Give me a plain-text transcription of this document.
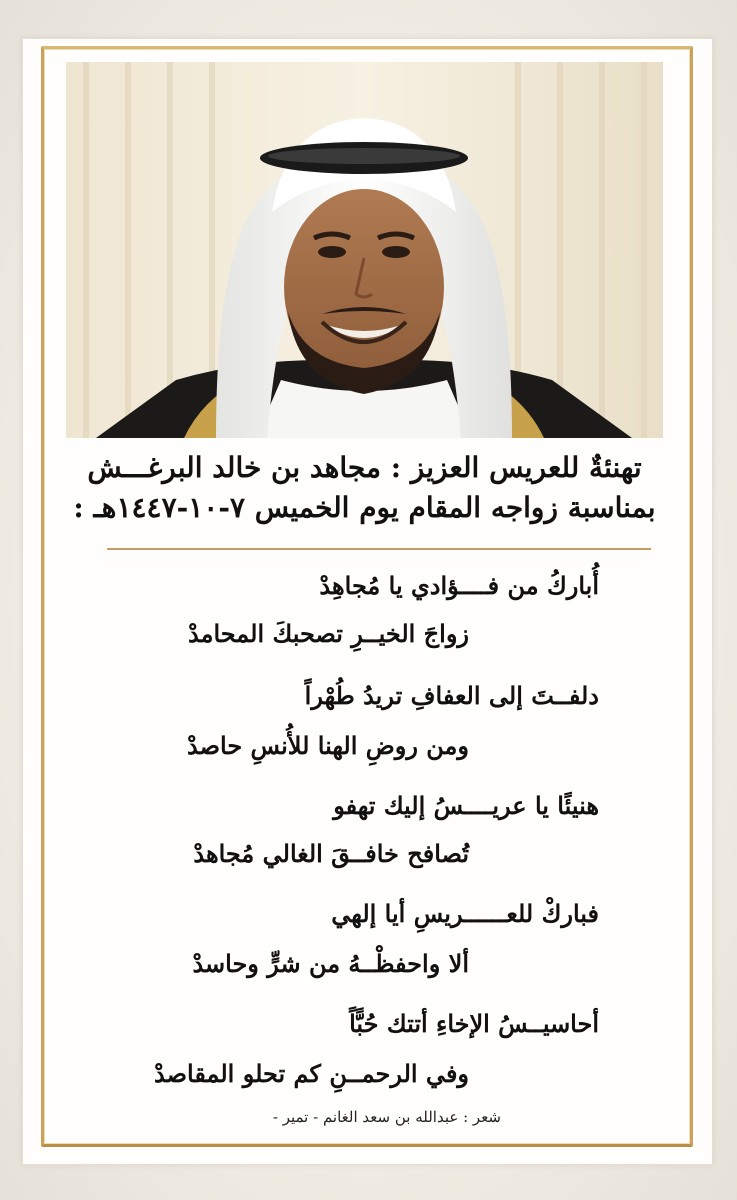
تهنئةٌ للعريس العزيز : مجاهد بن خالد البرغـــش
بمناسبة زواجه المقام يوم الخميس ٧-١٠-١٤٤٧هـ :
أُباركُ من فــــؤادي يا مُجاهِدْ
زواجَ الخيــرِ تصحبكَ المحامدْ
دلفــتَ إلى العفافِ تريدُ طُهْراً
ومن روضِ الهنا للأُنسِ حاصدْ
هنيئًا يا عريــــسُ إليك تهفو
تُصافح خافــقَ الغالي مُجاهدْ
فباركْ للعــــــريسِ أيا إلهي
ألا واحفظْــهُ من شرٍّ وحاسدْ
أحاسيــسُ الإخاءِ أتتك حُبًّاً
وفي الرحمــنِ كم تحلو المقاصدْ
شعر : عبدالله بن سعد الغانم - تمير -
